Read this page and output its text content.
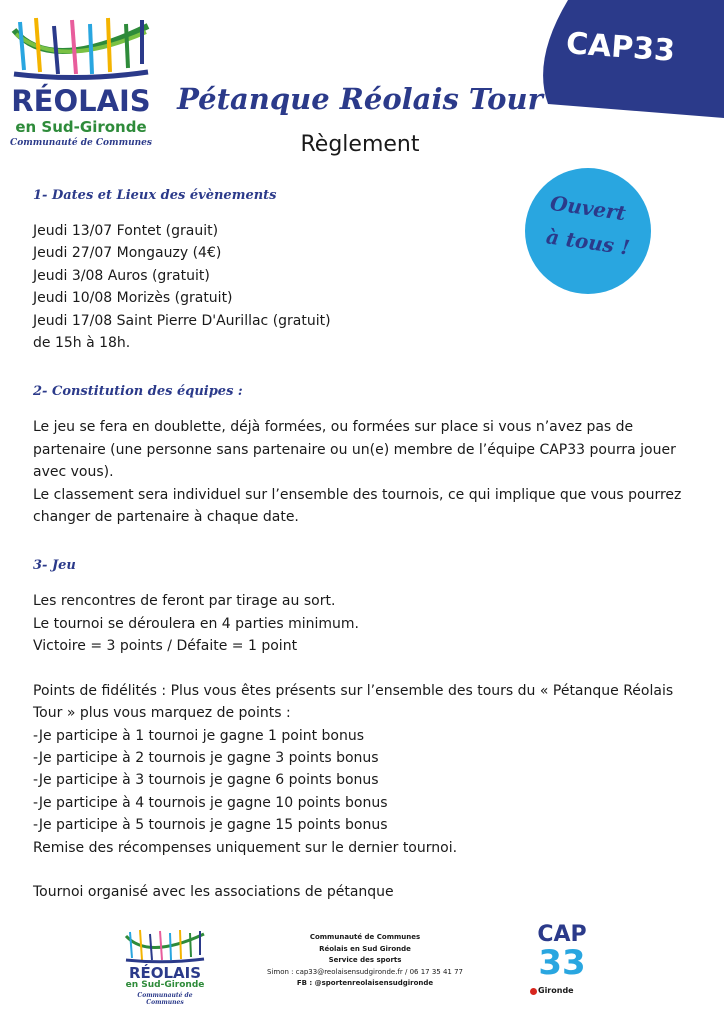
RÉOLAIS
en Sud-Gironde
Communauté de Communes
Pétanque Réolais Tour
Règlement
CAP33
Ouvert
à tous !

1- Dates et Lieux des évènements

Jeudi 13/07 Fontet (grauit)
Jeudi 27/07 Mongauzy (4€)
Jeudi 3/08 Auros (gratuit)
Jeudi 10/08 Morizès (gratuit)
Jeudi 17/08 Saint Pierre D'Aurillac (gratuit)
de 15h à 18h.

2- Constitution des équipes :

Le jeu se fera en doublette, déjà formées, ou formées sur place si vous n’avez pas de
partenaire (une personne sans partenaire ou un(e) membre de l’équipe CAP33 pourra jouer
avec vous).
Le classement sera individuel sur l’ensemble des tournois, ce qui implique que vous pourrez
changer de partenaire à chaque date.

3- Jeu

Les rencontres de feront par tirage au sort.
Le tournoi se déroulera en 4 parties minimum.
Victoire = 3 points / Défaite = 1 point
Points de fidélités : Plus vous êtes présents sur l’ensemble des tours du « Pétanque Réolais
Tour » plus vous marquez de points :
-Je participe à 1 tournoi je gagne 1 point bonus
-Je participe à 2 tournois je gagne 3 points bonus
-Je participe à 3 tournois je gagne 6 points bonus
-Je participe à 4 tournois je gagne 10 points bonus
-Je participe à 5 tournois je gagne 15 points bonus
Remise des récompenses uniquement sur le dernier tournoi.
Tournoi organisé avec les associations de pétanque
RÉOLAIS
en Sud-Gironde
Communauté de Communes
Communauté de Communes
Réolais en Sud Gironde
Service des sports
Simon : cap33@reolaisensudgironde.fr / 06 17 35 41 77
FB : @sportenreolaisensudgironde
CAP
33
Gironde
